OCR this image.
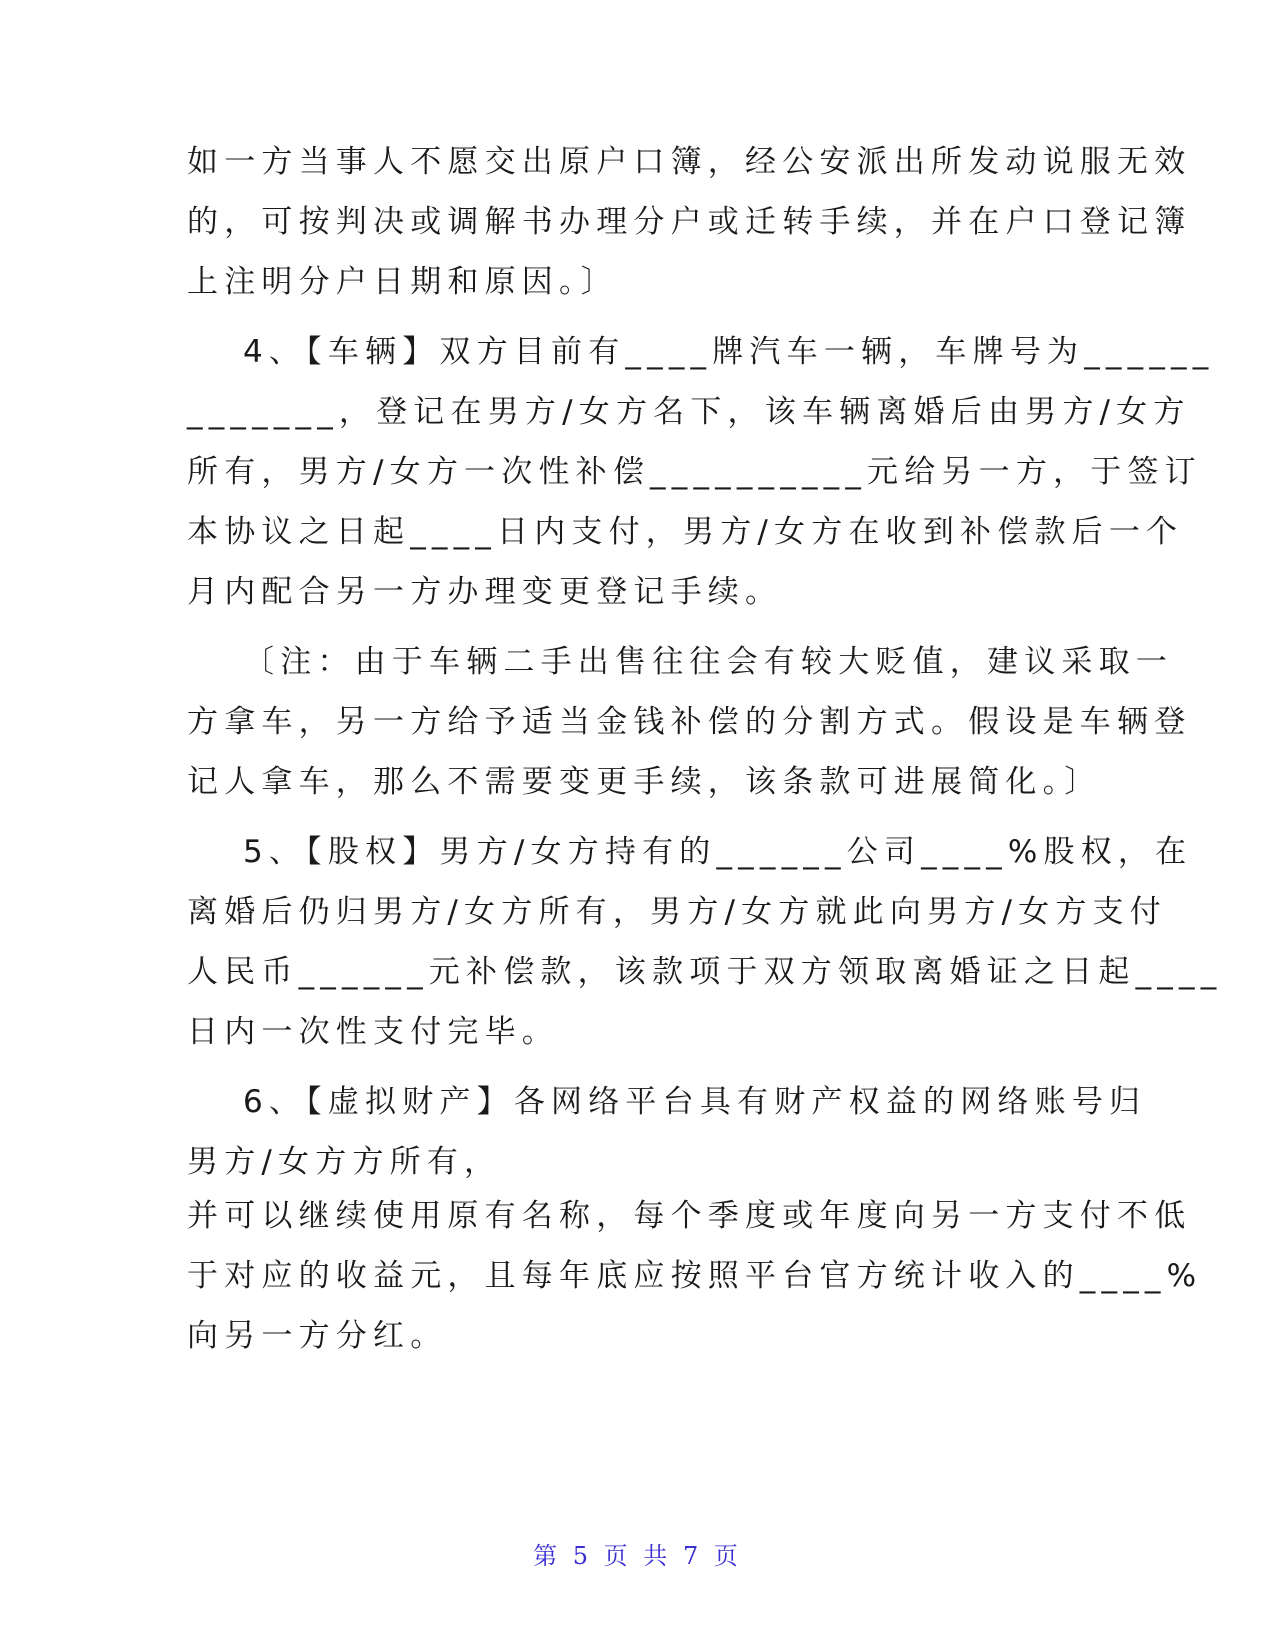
如一方当事人不愿交出原户口簿，经公安派出所发动说服无效
的，可按判决或调解书办理分户或迁转手续，并在户口登记簿
上注明分户日期和原因。〕
4、【车辆】双方目前有____牌汽车一辆，车牌号为______
_______，登记在男方/女方名下，该车辆离婚后由男方/女方
所有，男方/女方一次性补偿__________元给另一方，于签订
本协议之日起____日内支付，男方/女方在收到补偿款后一个
月内配合另一方办理变更登记手续。
〔注：由于车辆二手出售往往会有较大贬值，建议采取一
方拿车，另一方给予适当金钱补偿的分割方式。假设是车辆登
记人拿车，那么不需要变更手续，该条款可进展简化。〕
5、【股权】男方/女方持有的______公司____%股权，在
离婚后仍归男方/女方所有，男方/女方就此向男方/女方支付
人民币______元补偿款，该款项于双方领取离婚证之日起____
日内一次性支付完毕。
6、【虚拟财产】各网络平台具有财产权益的网络账号归
男方/女方方所有，
并可以继续使用原有名称，每个季度或年度向另一方支付不低
于对应的收益元，且每年底应按照平台官方统计收入的____%
向另一方分红。
第 5 页 共 7 页
